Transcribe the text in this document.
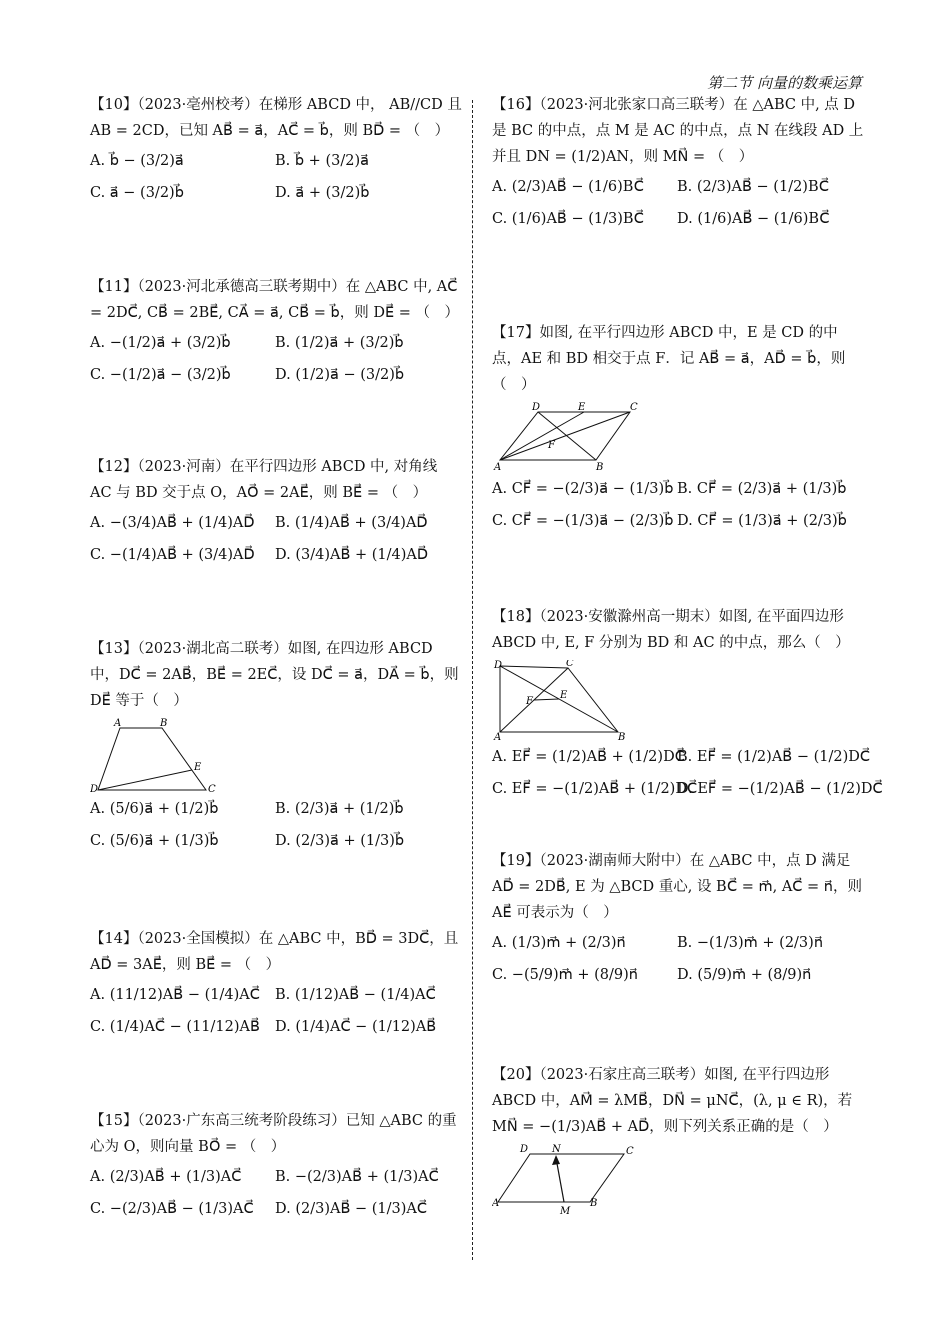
第二节 向量的数乘运算

【10】（2023·亳州校考）在梯形 ABCD 中， AB//CD 且 AB = 2CD，已知 AB⃗ = a⃗，AC⃗ = b⃗，则 BD⃗ = （　）

A. b⃗ − (3/2)a⃗	B. b⃗ + (3/2)a⃗
C. a⃗ − (3/2)b⃗	D. a⃗ + (3/2)b⃗

【11】（2023·河北承德高三联考期中）在 △ABC 中, AC⃗ = 2DC⃗, CB⃗ = 2BE⃗, CA⃗ = a⃗, CB⃗ = b⃗，则 DE⃗ = （　）

A. −(1/2)a⃗ + (3/2)b⃗	B. (1/2)a⃗ + (3/2)b⃗
C. −(1/2)a⃗ − (3/2)b⃗	D. (1/2)a⃗ − (3/2)b⃗

【12】（2023·河南）在平行四边形 ABCD 中, 对角线 AC 与 BD 交于点 O，AO⃗ = 2AE⃗，则 BE⃗ = （　）

A. −(3/4)AB⃗ + (1/4)AD⃗	B. (1/4)AB⃗ + (3/4)AD⃗
C. −(1/4)AB⃗ + (3/4)AD⃗	D. (3/4)AB⃗ + (1/4)AD⃗

【13】（2023·湖北高二联考）如图, 在四边形 ABCD 中，DC⃗ = 2AB⃗，BE⃗ = 2EC⃗，设 DC⃗ = a⃗，DA⃗ = b⃗，则 DE⃗ 等于（　）

A	B
E
D	C
A. (5/6)a⃗ + (1/2)b⃗	B. (2/3)a⃗ + (1/2)b⃗
C. (5/6)a⃗ + (1/3)b⃗	D. (2/3)a⃗ + (1/3)b⃗

【14】（2023·全国模拟）在 △ABC 中，BD⃗ = 3DC⃗，且 AD⃗ = 3AE⃗，则 BE⃗ = （　）

A. (11/12)AB⃗ − (1/4)AC⃗	B. (1/12)AB⃗ − (1/4)AC⃗
C. (1/4)AC⃗ − (11/12)AB⃗	D. (1/4)AC⃗ − (1/12)AB⃗

【15】（2023·广东高三统考阶段练习）已知 △ABC 的重心为 O，则向量 BO⃗ = （　）

A. (2/3)AB⃗ + (1/3)AC⃗	B. −(2/3)AB⃗ + (1/3)AC⃗
C. −(2/3)AB⃗ − (1/3)AC⃗	D. (2/3)AB⃗ − (1/3)AC⃗

【16】（2023·河北张家口高三联考）在 △ABC 中, 点 D 是 BC 的中点，点 M 是 AC 的中点，点 N 在线段 AD 上并且 DN = (1/2)AN，则 MN⃗ = （　）

A. (2/3)AB⃗ − (1/6)BC⃗	B. (2/3)AB⃗ − (1/2)BC⃗
C. (1/6)AB⃗ − (1/3)BC⃗	D. (1/6)AB⃗ − (1/6)BC⃗

【17】如图, 在平行四边形 ABCD 中，E 是 CD 的中点，AE 和 BD 相交于点 F．记 AB⃗ = a⃗，AD⃗ = b⃗，则（　）

D	E	C
F
A	B
A. CF⃗ = −(2/3)a⃗ − (1/3)b⃗ B. CF⃗ = (2/3)a⃗ + (1/3)b⃗
C. CF⃗ = −(1/3)a⃗ − (2/3)b⃗ D. CF⃗ = (1/3)a⃗ + (2/3)b⃗

【18】（2023·安徽滁州高一期末）如图, 在平面四边形 ABCD 中, E, F 分别为 BD 和 AC 的中点，那么（　）

D	C
F
E
A	B
A. EF⃗ = (1/2)AB⃗ + (1/2)DC⃗
B. EF⃗ = (1/2)AB⃗ − (1/2)DC⃗
C. EF⃗ = −(1/2)AB⃗ + (1/2)DC⃗
D. EF⃗ = −(1/2)AB⃗ − (1/2)DC⃗

【19】（2023·湖南师大附中）在 △ABC 中，点 D 满足 AD⃗ = 2DB⃗, E 为 △BCD 重心, 设 BC⃗ = m⃗, AC⃗ = n⃗，则 AE⃗ 可表示为（　）

A. (1/3)m⃗ + (2/3)n⃗	B. −(1/3)m⃗ + (2/3)n⃗
C. −(5/9)m⃗ + (8/9)n⃗	D. (5/9)m⃗ + (8/9)n⃗

【20】（2023·石家庄高三联考）如图, 在平行四边形 ABCD 中，AM⃗ = λMB⃗，DN⃗ = μNC⃗，(λ, μ ∈ R)，若 MN⃗ = −(1/3)AB⃗ + AD⃗，则下列关系正确的是（　）

D N	C
A
M
B
